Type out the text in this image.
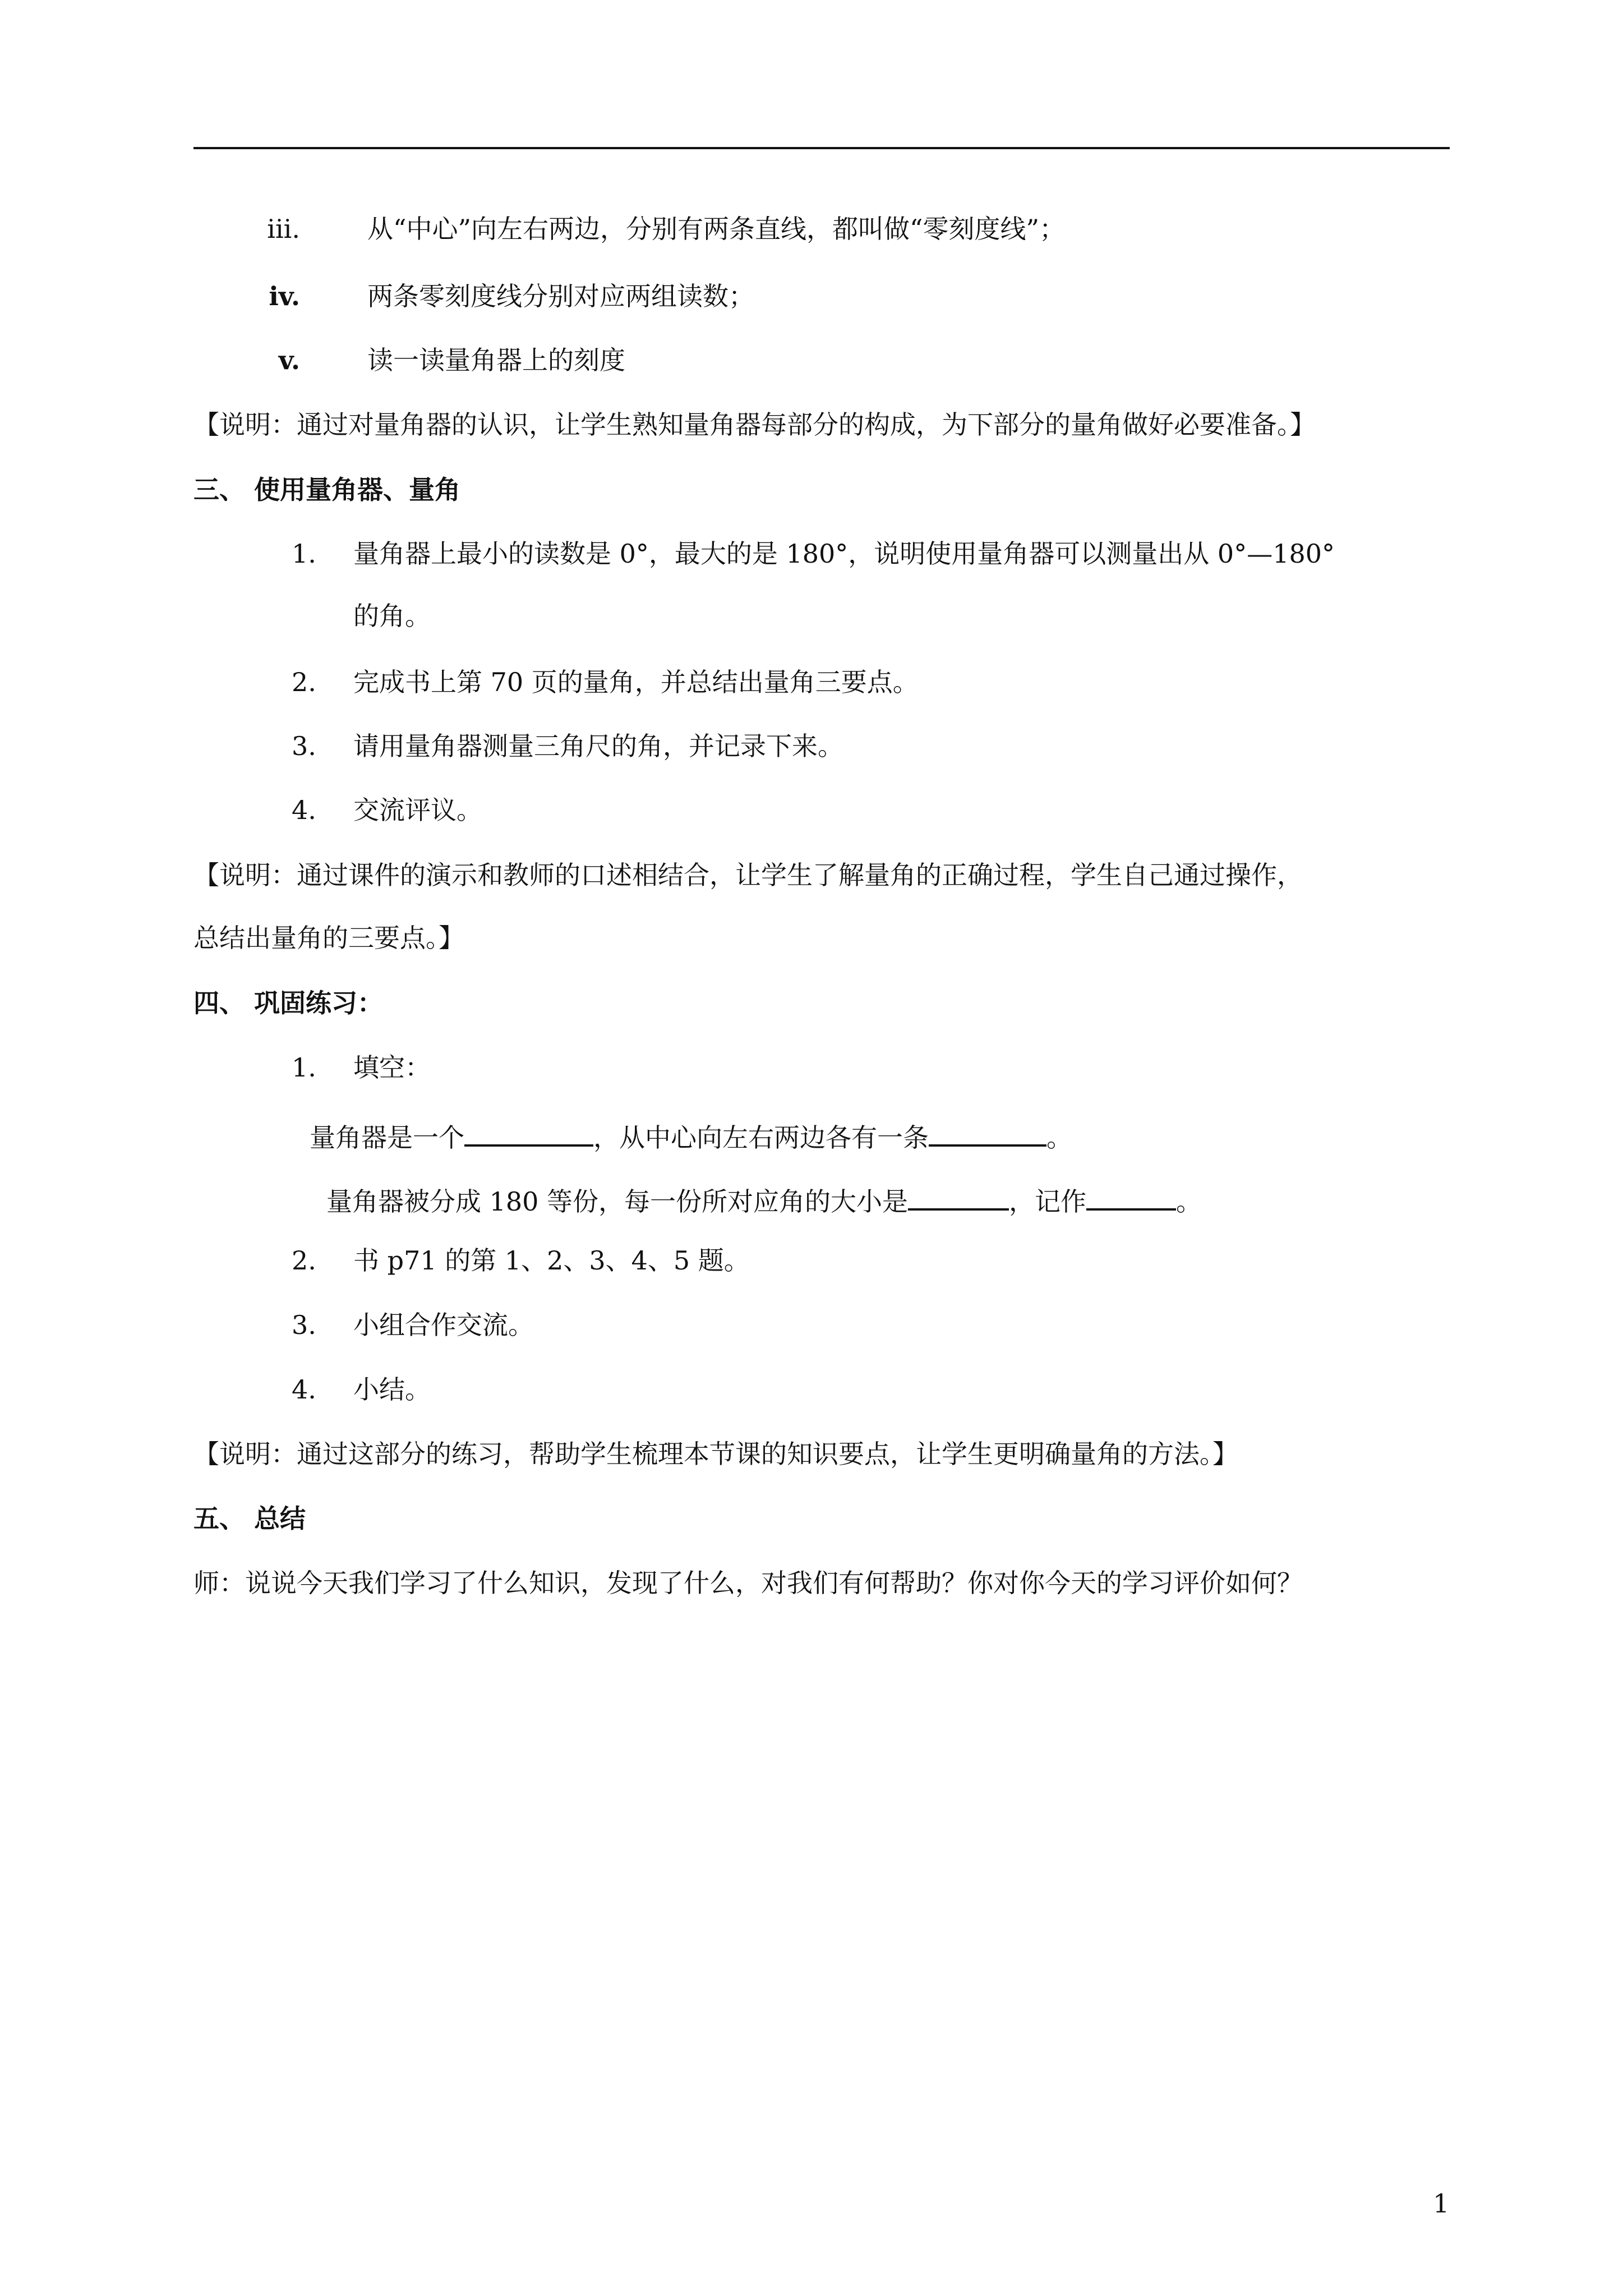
iii.	从“中心”向左右两边，分别有两条直线，都叫做“零刻度线”；
iv.	两条零刻度线分别对应两组读数；
v.	读一读量角器上的刻度
【说明：通过对量角器的认识，让学生熟知量角器每部分的构成，为下部分的量角做好必要准备。】
三、 使用量角器、量角
1. 量角器上最小的读数是 0°，最大的是 180°，说明使用量角器可以测量出从 0°—180°
的角。
2. 完成书上第 70 页的量角，并总结出量角三要点。
3. 请用量角器测量三角尺的角，并记录下来。
4. 交流评议。
【说明：通过课件的演示和教师的口述相结合，让学生了解量角的正确过程，学生自己通过操作，
总结出量角的三要点。】
四、 巩固练习：
1. 填空：
量角器是一个	，从中心向左右两边各有一条	。
量角器被分成 180 等份，每一份所对应角的大小是	，记作	。
2. 书 p71 的第 1、2、3、4、5 题。
3. 小组合作交流。
4. 小结。
【说明：通过这部分的练习，帮助学生梳理本节课的知识要点，让学生更明确量角的方法。】
五、 总结
师：说说今天我们学习了什么知识，发现了什么，对我们有何帮助？你对你今天的学习评价如何？
1
